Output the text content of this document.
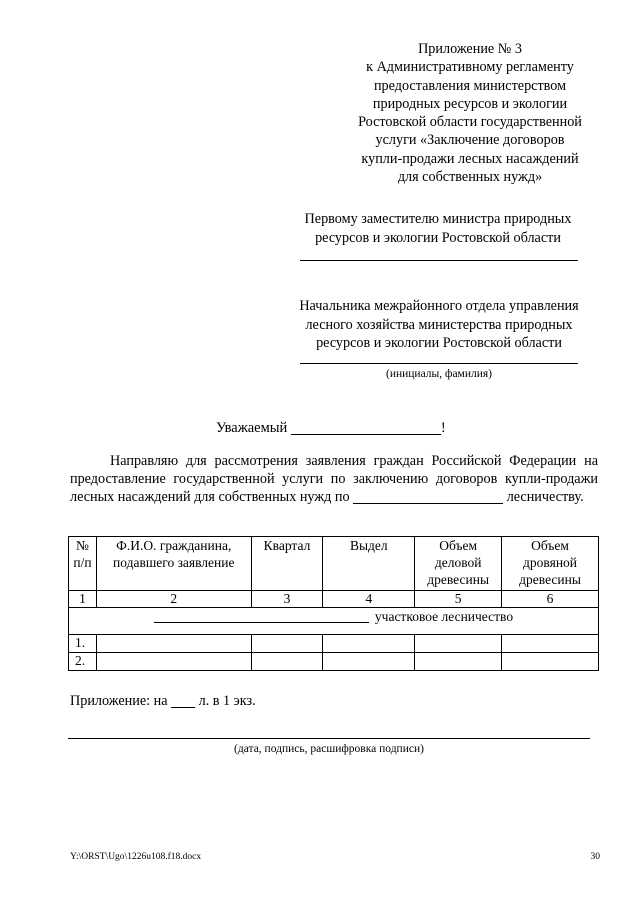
Приложение № 3
к Административному регламенту
предоставления министерством
природных ресурсов и экологии
Ростовской области государственной
услуги «Заключение договоров
купли-продажи лесных насаждений
для собственных нужд»
Первому заместителю министра природных
ресурсов и экологии Ростовской области
Начальника межрайонного отдела управления
лесного хозяйства министерства природных
ресурсов и экологии Ростовской области
(инициалы, фамилия)
Уважаемый	!
Направляю для рассмотрения заявления граждан Российской Федерации на предоставление государственной услуги по заключению договоров купли-продажи лесных насаждений для собственных нужд по	лесничеству.
№ п/п	Ф.И.О. гражданина, подавшего заявление	Квартал	Выдел	Объем деловой древесины	Объем дровяной древесины
1	2	3	4	5	6
участковое лесничество					
1.					
2.					
Приложение: на л. в 1 экз.
(дата, подпись, расшифровка подписи)
Y:\ORST\Ugo\1226u108.f18.docx	30
